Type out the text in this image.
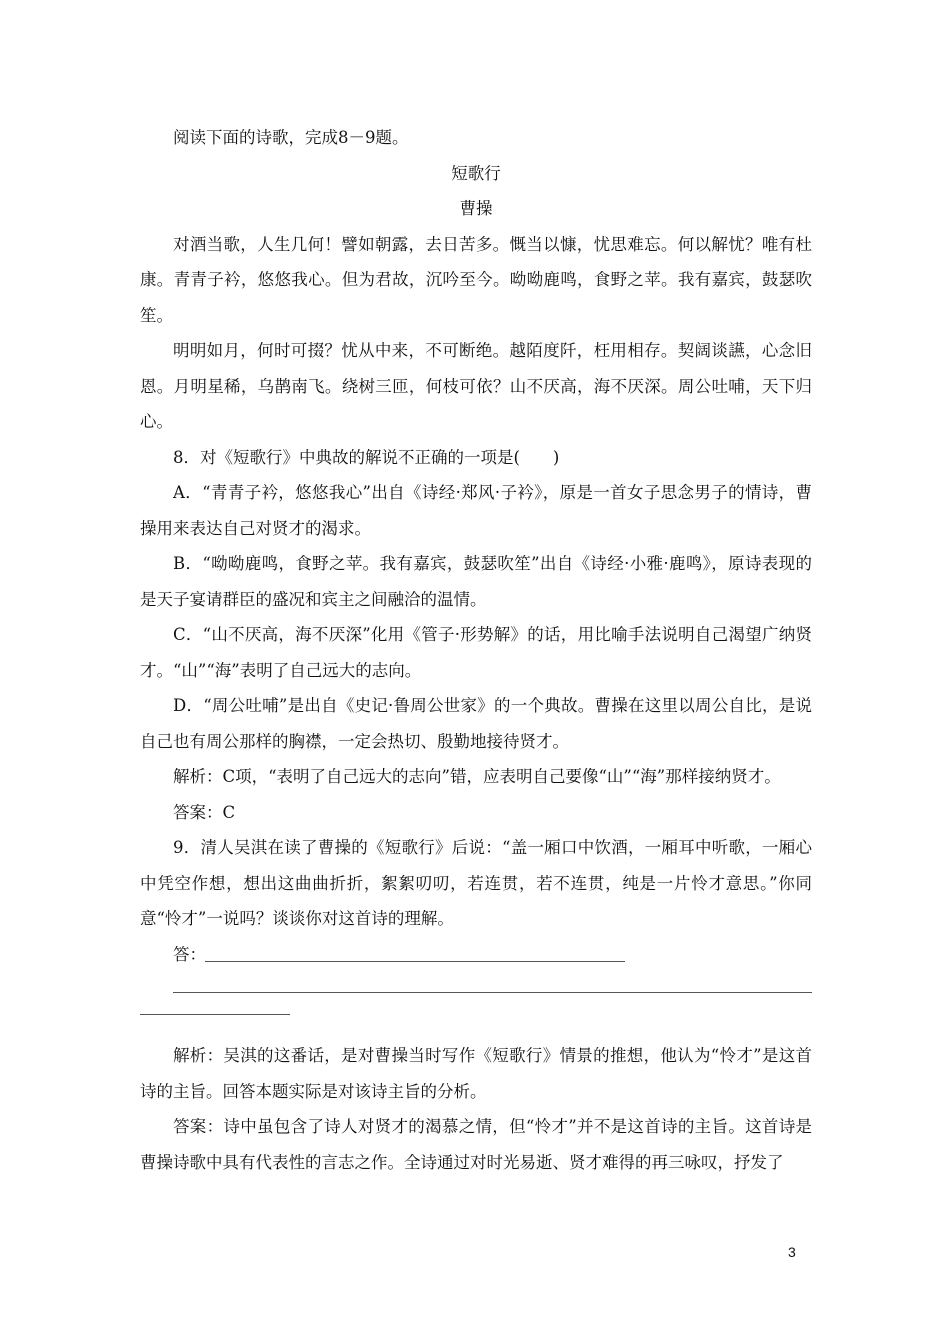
阅读下面的诗歌，完成8－9题。

短歌行

曹操

对酒当歌，人生几何！譬如朝露，去日苦多。慨当以慷，忧思难忘。何以解忧？唯有杜康。青青子衿，悠悠我心。但为君故，沉吟至今。呦呦鹿鸣，食野之苹。我有嘉宾，鼓瑟吹笙。

明明如月，何时可掇？忧从中来，不可断绝。越陌度阡，枉用相存。契阔谈讌，心念旧恩。月明星稀，乌鹊南飞。绕树三匝，何枝可依？山不厌高，海不厌深。周公吐哺，天下归心。

8．对《短歌行》中典故的解说不正确的一项是(　　)

A．“青青子衿，悠悠我心”出自《诗经·郑风·子衿》，原是一首女子思念男子的情诗，曹操用来表达自己对贤才的渴求。

B．“呦呦鹿鸣，食野之苹。我有嘉宾，鼓瑟吹笙”出自《诗经·小雅·鹿鸣》，原诗表现的是天子宴请群臣的盛况和宾主之间融洽的温情。

C．“山不厌高，海不厌深”化用《管子·形势解》的话，用比喻手法说明自己渴望广纳贤才。“山”“海”表明了自己远大的志向。

D．“周公吐哺”是出自《史记·鲁周公世家》的一个典故。曹操在这里以周公自比，是说自己也有周公那样的胸襟，一定会热切、殷勤地接待贤才。

解析：C项，“表明了自己远大的志向”错，应表明自己要像“山”“海”那样接纳贤才。

答案：C

9．清人吴淇在读了曹操的《短歌行》后说：“盖一厢口中饮酒，一厢耳中听歌，一厢心中凭空作想，想出这曲曲折折，絮絮叨叨，若连贯，若不连贯，纯是一片怜才意思。”你同意“怜才”一说吗？谈谈你对这首诗的理解。

答：

解析：吴淇的这番话，是对曹操当时写作《短歌行》情景的推想，他认为“怜才”是这首诗的主旨。回答本题实际是对该诗主旨的分析。

答案：诗中虽包含了诗人对贤才的渴慕之情，但“怜才”并不是这首诗的主旨。这首诗是曹操诗歌中具有代表性的言志之作。全诗通过对时光易逝、贤才难得的再三咏叹，抒发了

3
